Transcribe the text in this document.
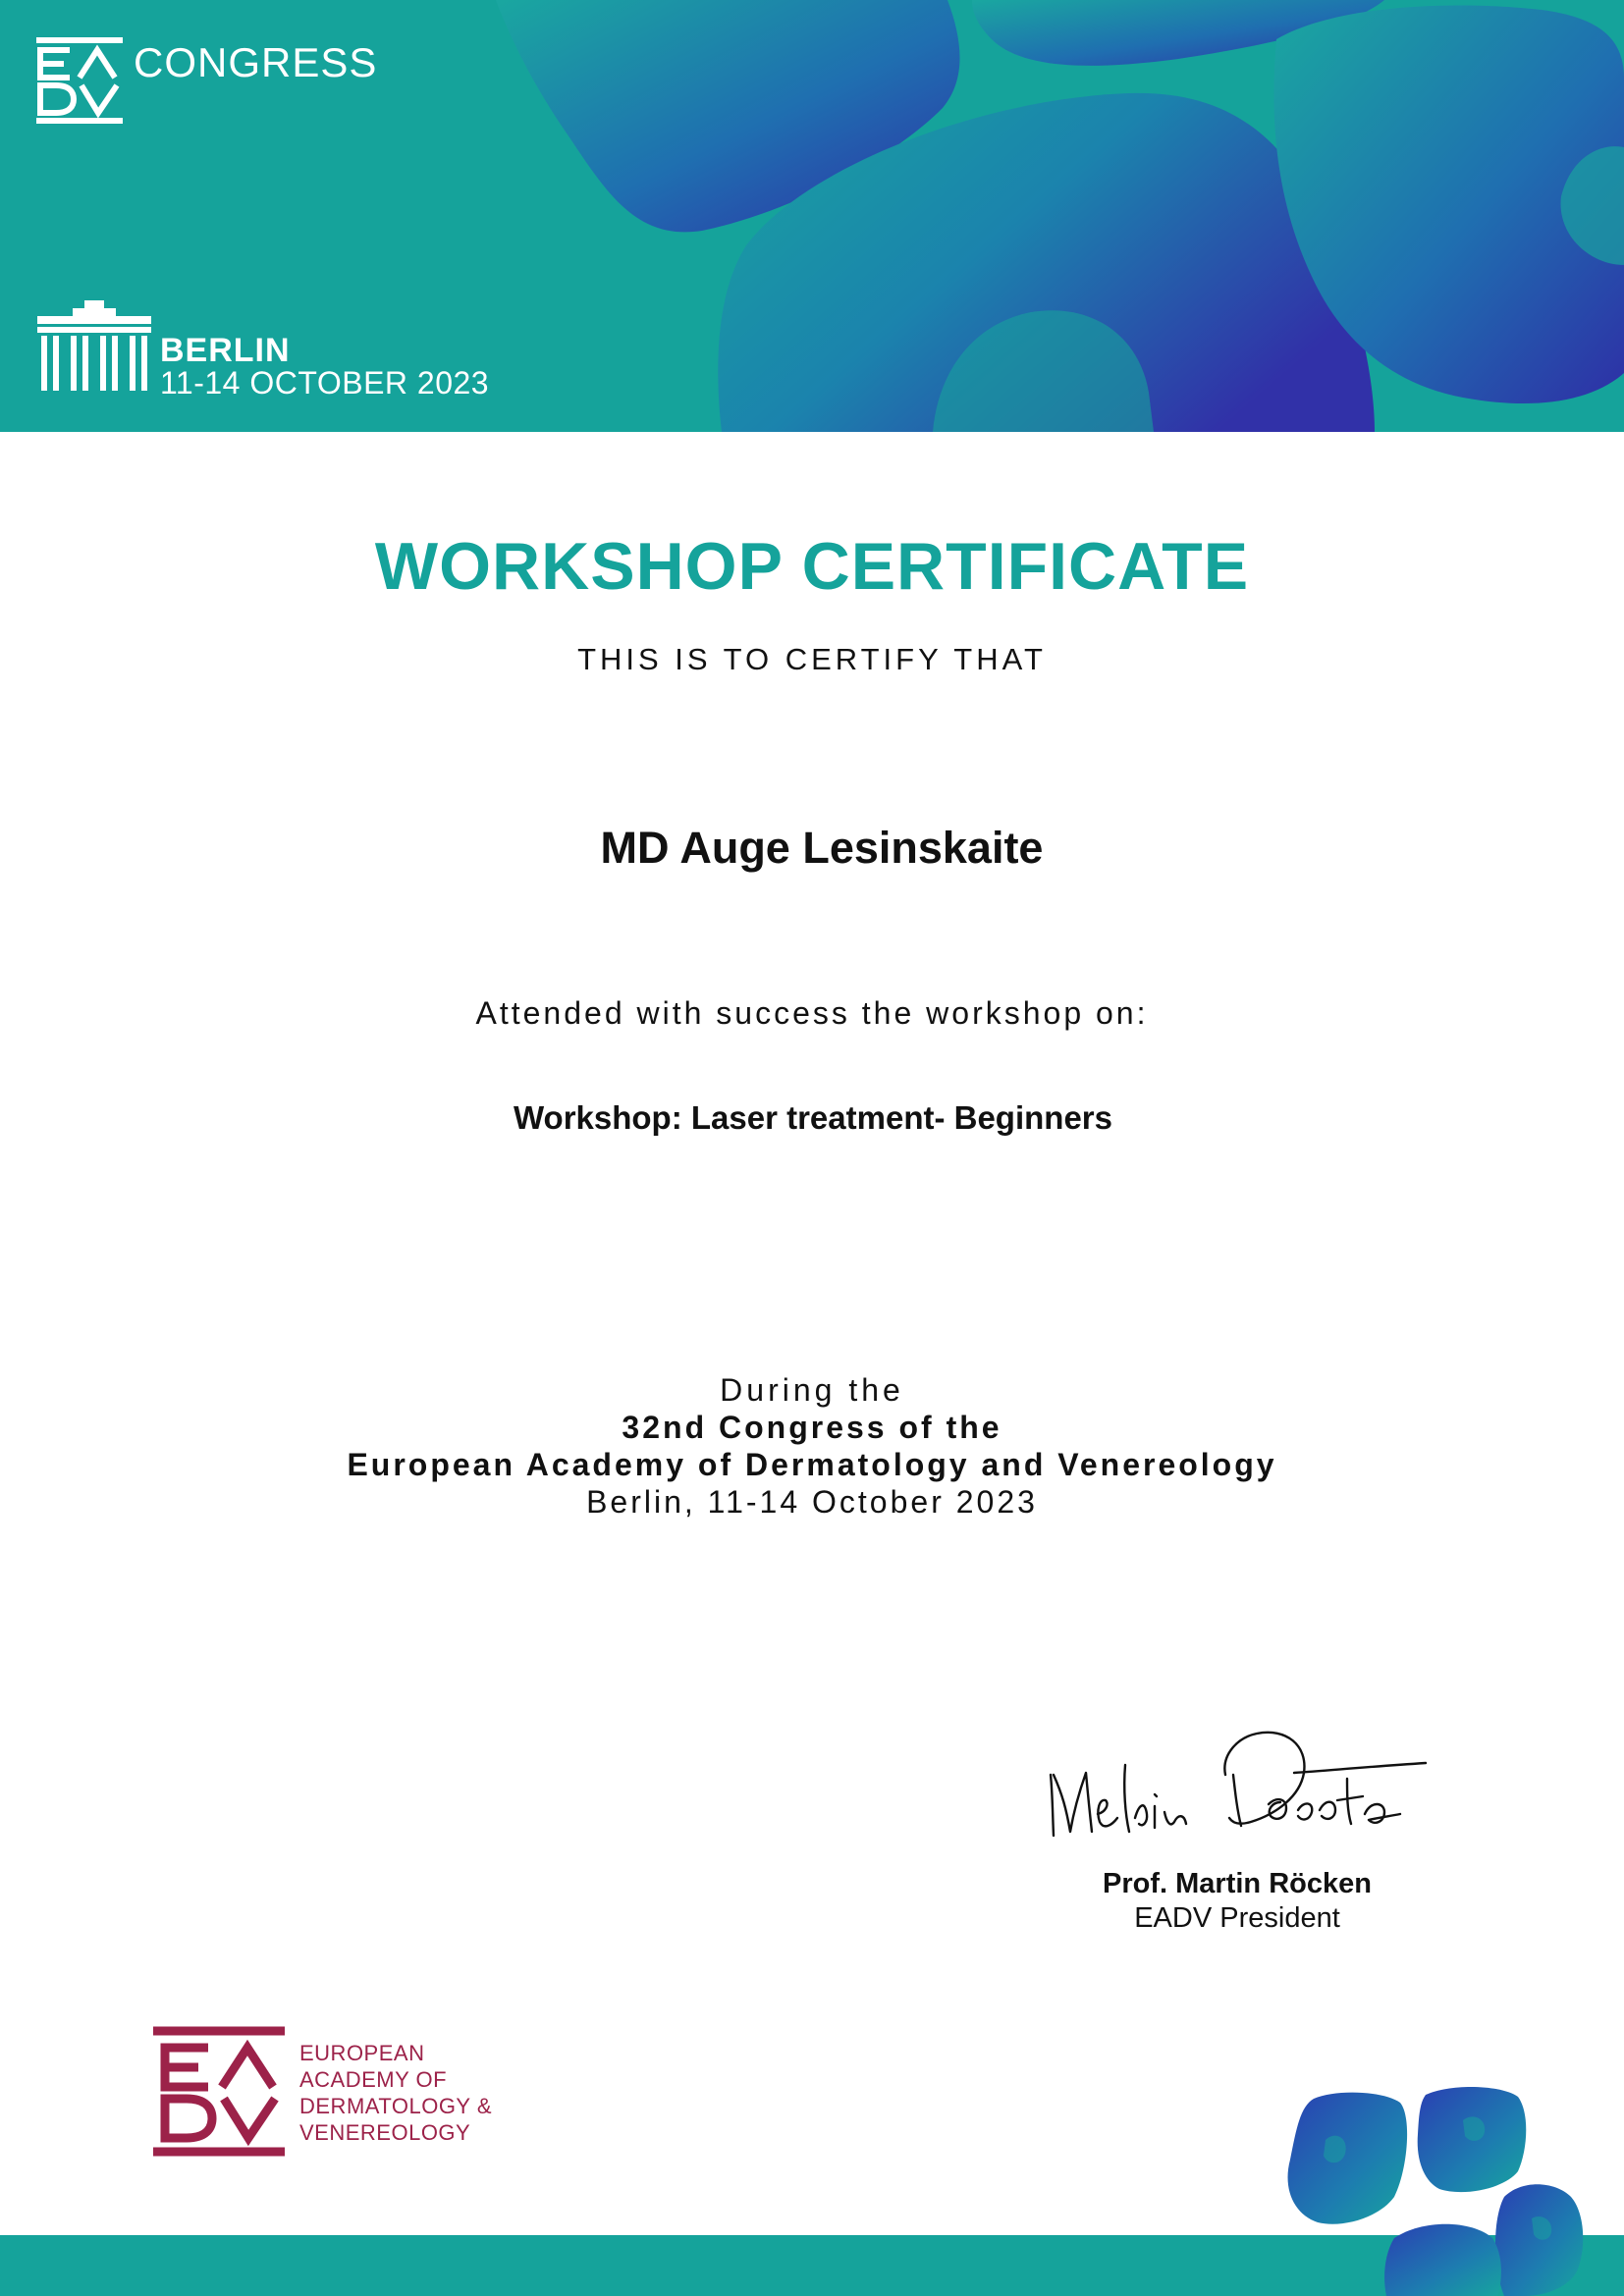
CONGRESS
BERLIN
11-14 OCTOBER 2023
WORKSHOP CERTIFICATE
THIS IS TO CERTIFY THAT
MD Auge Lesinskaite
Attended with success the workshop on:
Workshop: Laser treatment- Beginners
During the
32nd Congress of the
European Academy of Dermatology and Venereology
Berlin, 11-14 October 2023
Prof. Martin Röcken
EADV President
EUROPEAN
ACADEMY OF
DERMATOLOGY &
VENEREOLOGY
